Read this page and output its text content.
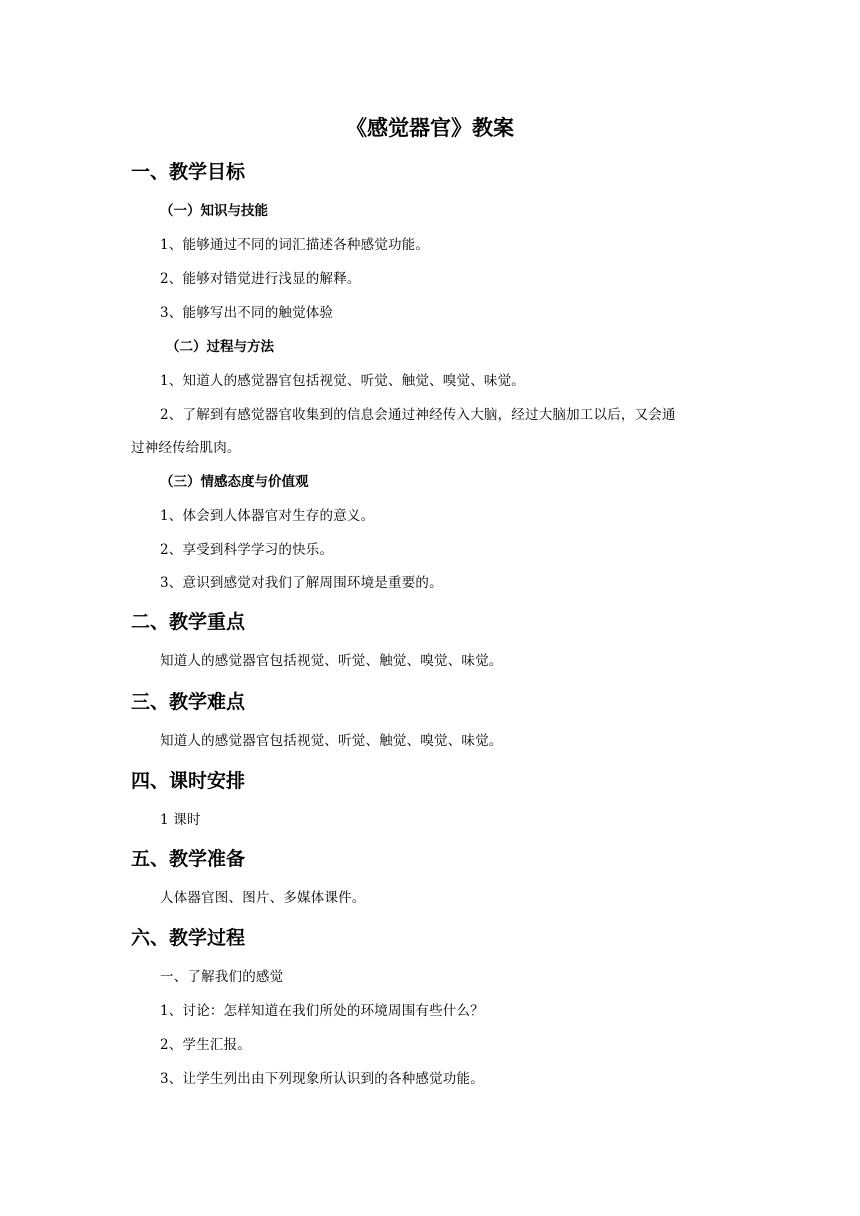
《感觉器官》教案
一、教学目标
（一）知识与技能
1、能够通过不同的词汇描述各种感觉功能。
2、能够对错觉进行浅显的解释。
3、能够写出不同的触觉体验
（二）过程与方法
1、知道人的感觉器官包括视觉、听觉、触觉、嗅觉、味觉。
2、了解到有感觉器官收集到的信息会通过神经传入大脑，经过大脑加工以后，又会通
过神经传给肌肉。
（三）情感态度与价值观
1、体会到人体器官对生存的意义。
2、享受到科学学习的快乐。
3、意识到感觉对我们了解周围环境是重要的。
二、教学重点
知道人的感觉器官包括视觉、听觉、触觉、嗅觉、味觉。
三、教学难点
知道人的感觉器官包括视觉、听觉、触觉、嗅觉、味觉。
四、课时安排
1 课时
五、教学准备
人体器官图、图片、多媒体课件。
六、教学过程
一、了解我们的感觉
1、讨论：怎样知道在我们所处的环境周围有些什么？
2、学生汇报。
3、让学生列出由下列现象所认识到的各种感觉功能。
